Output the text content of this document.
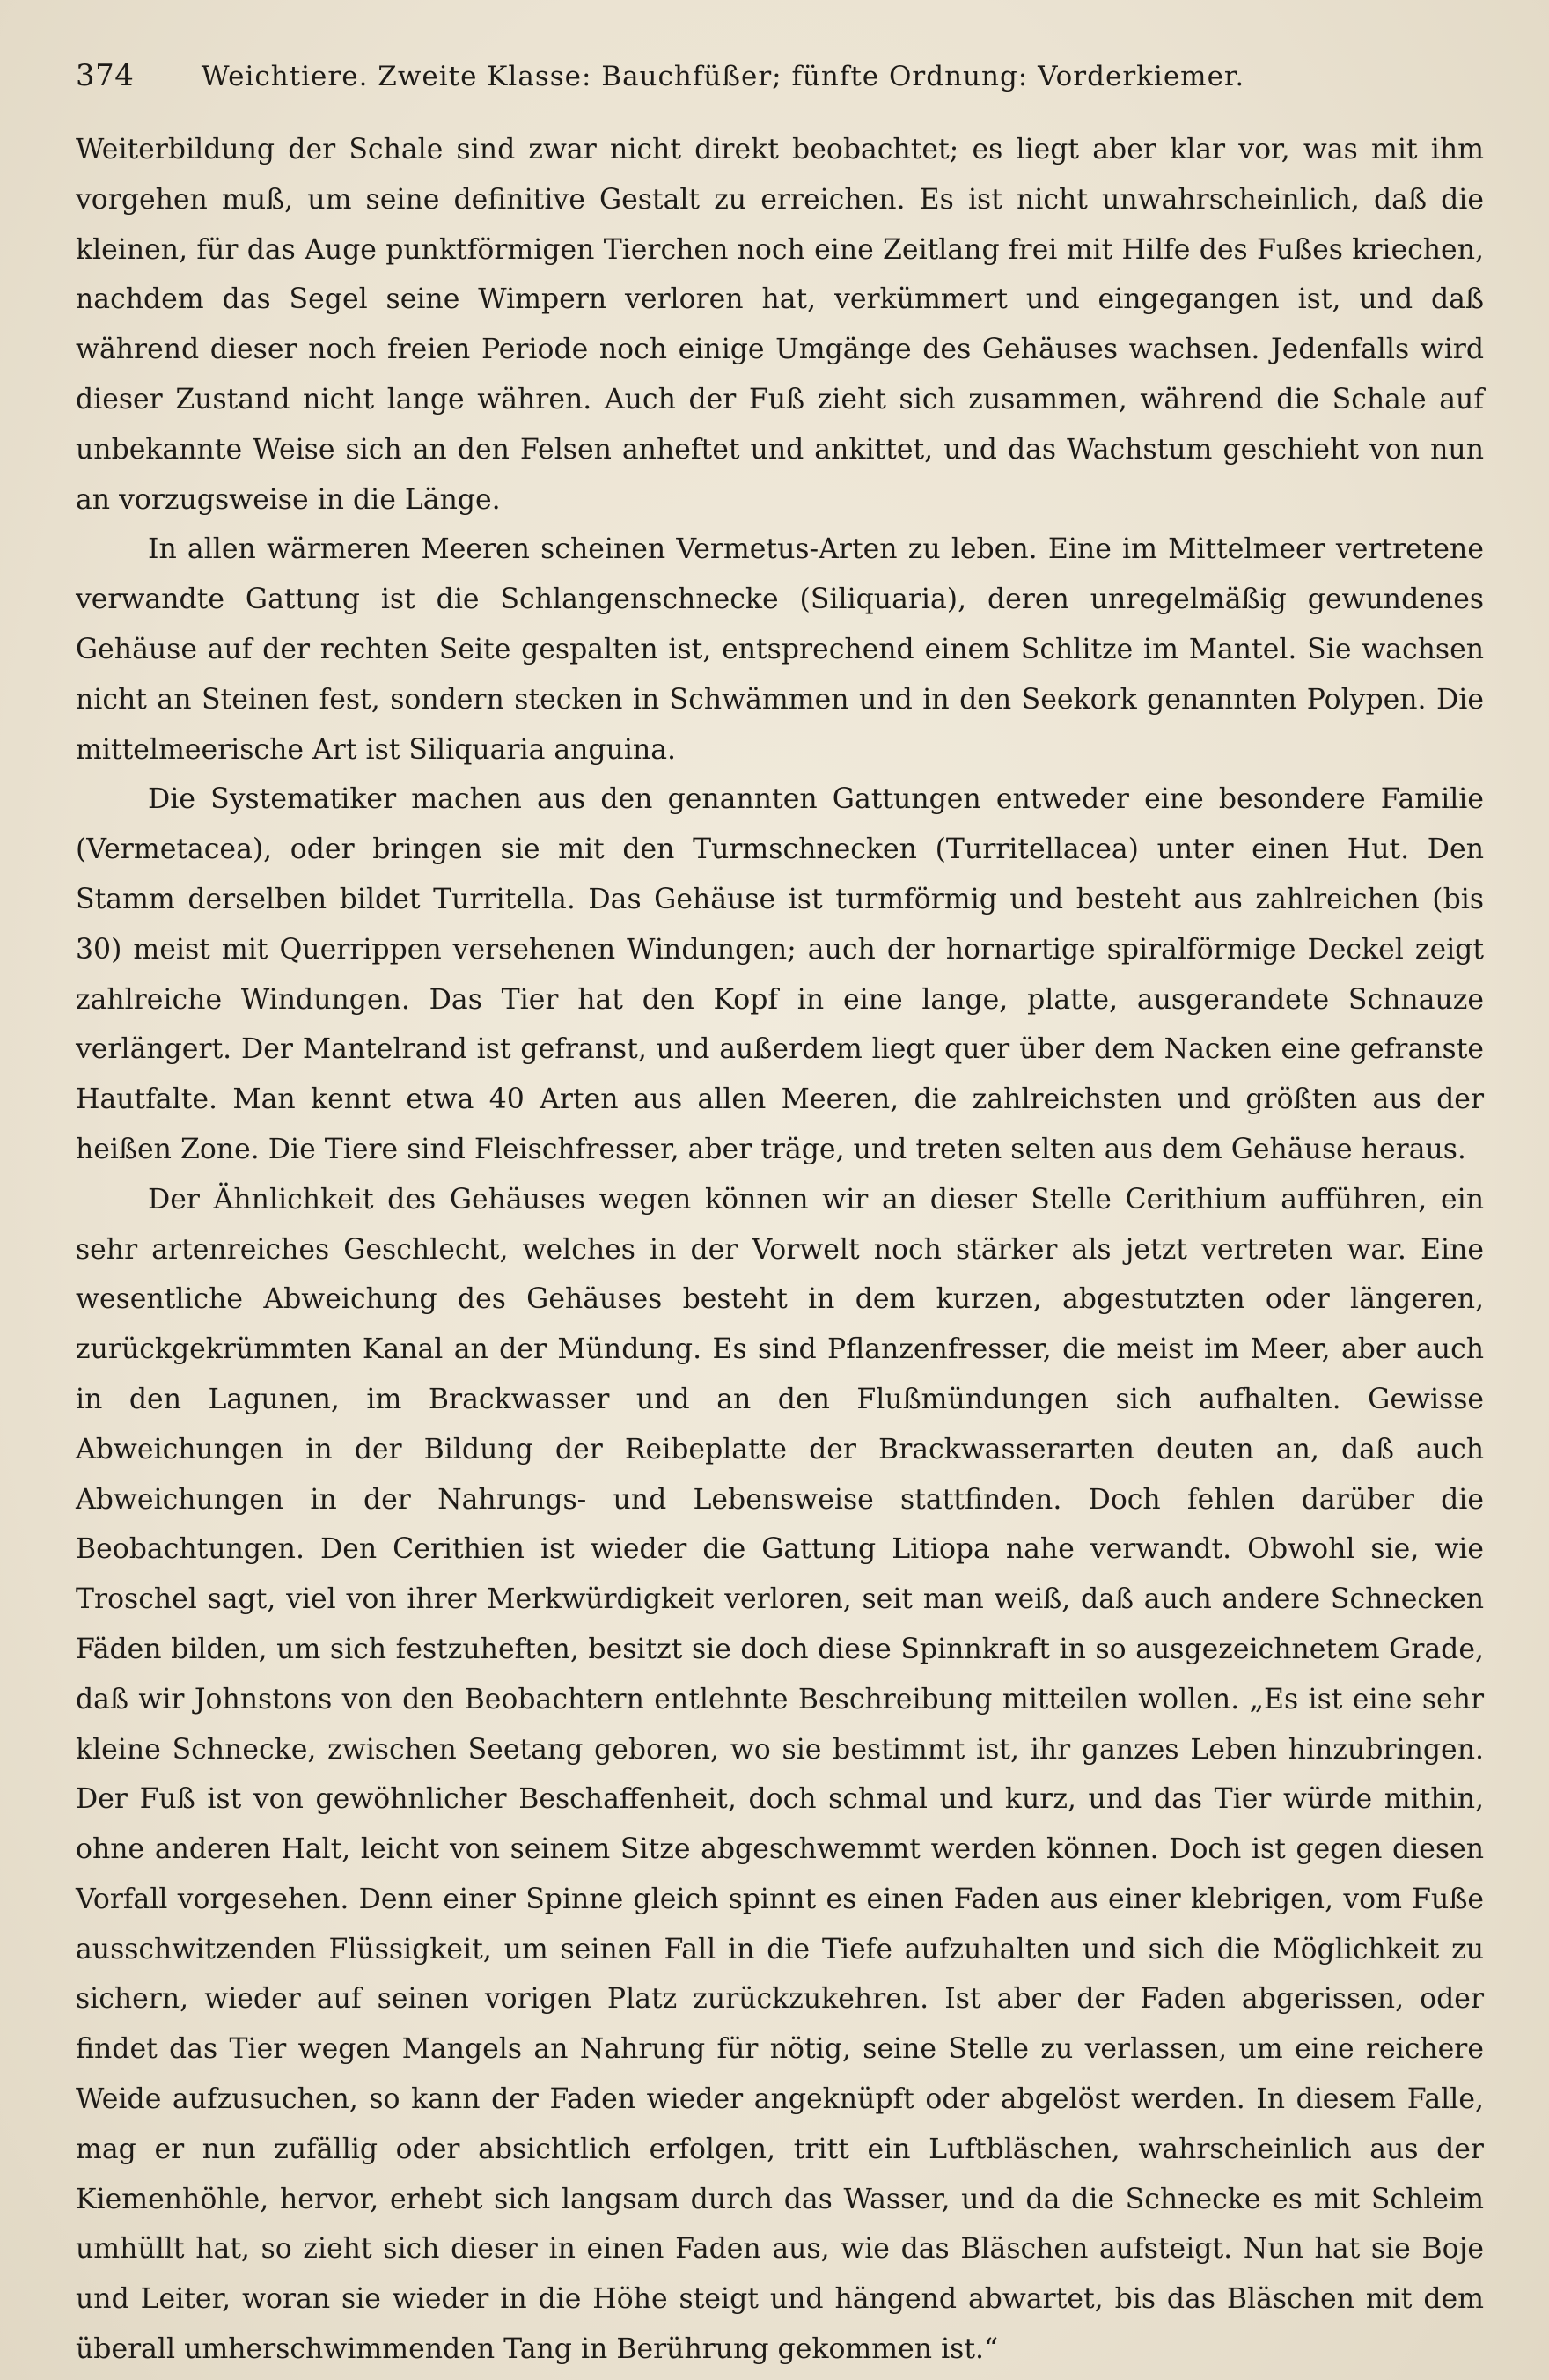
374 Weichtiere. Zweite Klasse: Bauchfüßer; fünfte Ordnung: Vorderkiemer.

Weiterbildung der Schale sind zwar nicht direkt beobachtet; es liegt aber klar vor, was mit ihm vorgehen muß, um seine definitive Gestalt zu erreichen. Es ist nicht unwahrscheinlich, daß die kleinen, für das Auge punktförmigen Tierchen noch eine Zeitlang frei mit Hilfe des Fußes kriechen, nachdem das Segel seine Wimpern verloren hat, verkümmert und eingegangen ist, und daß während dieser noch freien Periode noch einige Umgänge des Gehäuses wachsen. Jedenfalls wird dieser Zustand nicht lange währen. Auch der Fuß zieht sich zusammen, während die Schale auf unbekannte Weise sich an den Felsen anheftet und ankittet, und das Wachstum geschieht von nun an vorzugsweise in die Länge.

In allen wärmeren Meeren scheinen Vermetus-Arten zu leben. Eine im Mittelmeer vertretene verwandte Gattung ist die Schlangenschnecke (Siliquaria), deren unregelmäßig gewundenes Gehäuse auf der rechten Seite gespalten ist, entsprechend einem Schlitze im Mantel. Sie wachsen nicht an Steinen fest, sondern stecken in Schwämmen und in den Seekork genannten Polypen. Die mittelmeerische Art ist Siliquaria anguina.

Die Systematiker machen aus den genannten Gattungen entweder eine besondere Familie (Vermetacea), oder bringen sie mit den Turmschnecken (Turritellacea) unter einen Hut. Den Stamm derselben bildet Turritella. Das Gehäuse ist turmförmig und besteht aus zahlreichen (bis 30) meist mit Querrippen versehenen Windungen; auch der hornartige spiralförmige Deckel zeigt zahlreiche Windungen. Das Tier hat den Kopf in eine lange, platte, ausgerandete Schnauze verlängert. Der Mantelrand ist gefranst, und außerdem liegt quer über dem Nacken eine gefranste Hautfalte. Man kennt etwa 40 Arten aus allen Meeren, die zahlreichsten und größten aus der heißen Zone. Die Tiere sind Fleischfresser, aber träge, und treten selten aus dem Gehäuse heraus.

Der Ähnlichkeit des Gehäuses wegen können wir an dieser Stelle Cerithium aufführen, ein sehr artenreiches Geschlecht, welches in der Vorwelt noch stärker als jetzt vertreten war. Eine wesentliche Abweichung des Gehäuses besteht in dem kurzen, abgestutzten oder längeren, zurückgekrümmten Kanal an der Mündung. Es sind Pflanzenfresser, die meist im Meer, aber auch in den Lagunen, im Brackwasser und an den Flußmündungen sich aufhalten. Gewisse Abweichungen in der Bildung der Reibeplatte der Brackwasserarten deuten an, daß auch Abweichungen in der Nahrungs- und Lebensweise stattfinden. Doch fehlen darüber die Beobachtungen. Den Cerithien ist wieder die Gattung Litiopa nahe verwandt. Obwohl sie, wie Troschel sagt, viel von ihrer Merkwürdigkeit verloren, seit man weiß, daß auch andere Schnecken Fäden bilden, um sich festzuheften, besitzt sie doch diese Spinnkraft in so ausgezeichnetem Grade, daß wir Johnstons von den Beobachtern entlehnte Beschreibung mitteilen wollen. „Es ist eine sehr kleine Schnecke, zwischen Seetang geboren, wo sie bestimmt ist, ihr ganzes Leben hinzubringen. Der Fuß ist von gewöhnlicher Beschaffenheit, doch schmal und kurz, und das Tier würde mithin, ohne anderen Halt, leicht von seinem Sitze abgeschwemmt werden können. Doch ist gegen diesen Vorfall vorgesehen. Denn einer Spinne gleich spinnt es einen Faden aus einer klebrigen, vom Fuße ausschwitzenden Flüssigkeit, um seinen Fall in die Tiefe aufzuhalten und sich die Möglichkeit zu sichern, wieder auf seinen vorigen Platz zurückzukehren. Ist aber der Faden abgerissen, oder findet das Tier wegen Mangels an Nahrung für nötig, seine Stelle zu verlassen, um eine reichere Weide aufzusuchen, so kann der Faden wieder angeknüpft oder abgelöst werden. In diesem Falle, mag er nun zufällig oder absichtlich erfolgen, tritt ein Luftbläschen, wahrscheinlich aus der Kiemenhöhle, hervor, erhebt sich langsam durch das Wasser, und da die Schnecke es mit Schleim umhüllt hat, so zieht sich dieser in einen Faden aus, wie das Bläschen aufsteigt. Nun hat sie Boje und Leiter, woran sie wieder in die Höhe steigt und hängend abwartet, bis das Bläschen mit dem überall umherschwimmenden Tang in Berührung gekommen ist.“
